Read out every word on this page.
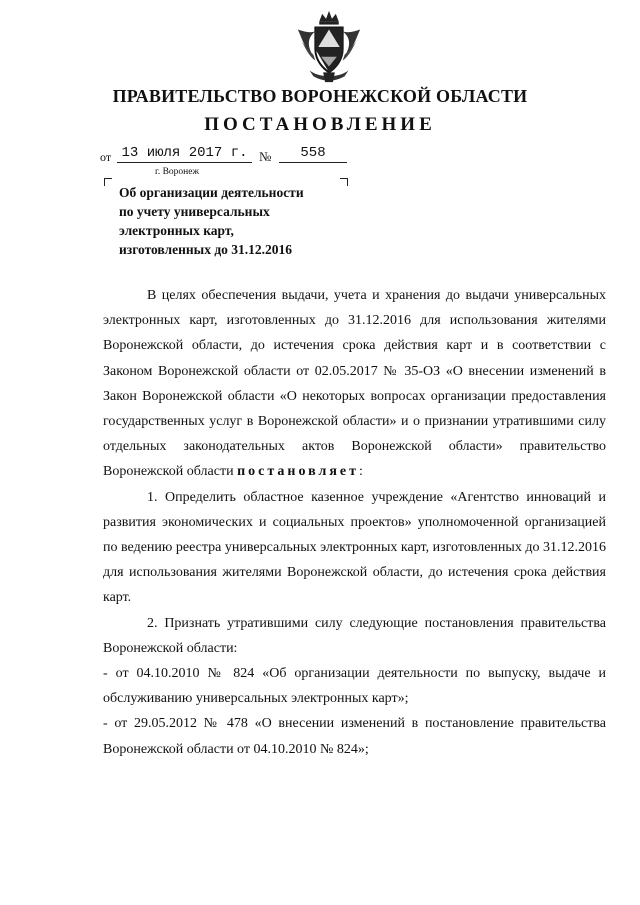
ПРАВИТЕЛЬСТВО ВОРОНЕЖСКОЙ ОБЛАСТИ
ПОСТАНОВЛЕНИЕ
от 13 июля 2017 г. №	558
г. Воронеж
Об организации деятельности
по учету универсальных
электронных карт,
изготовленных до 31.12.2016

В целях обеспечения выдачи, учета и хранения до выдачи универсальных электронных карт, изготовленных до 31.12.2016 для использования жителями Воронежской области, до истечения срока действия карт и в соответствии с Законом Воронежской области от 02.05.2017 № 35-ОЗ «О внесении изменений в Закон Воронежской области «О некоторых вопросах организации предоставления государственных услуг в Воронежской области» и о признании утратившими силу отдельных законодательных актов Воронежской области» правительство Воронежской области постановляет:

1. Определить областное казенное учреждение «Агентство инноваций и развития экономических и социальных проектов» уполномоченной организацией по ведению реестра универсальных электронных карт, изготовленных до 31.12.2016 для использования жителями Воронежской области, до истечения срока действия карт.

2. Признать утратившими силу следующие постановления правительства Воронежской области:

- от 04.10.2010 № 824 «Об организации деятельности по выпуску, выдаче и обслуживанию универсальных электронных карт»;

- от 29.05.2012 № 478 «О внесении изменений в постановление правительства Воронежской области от 04.10.2010 № 824»;
